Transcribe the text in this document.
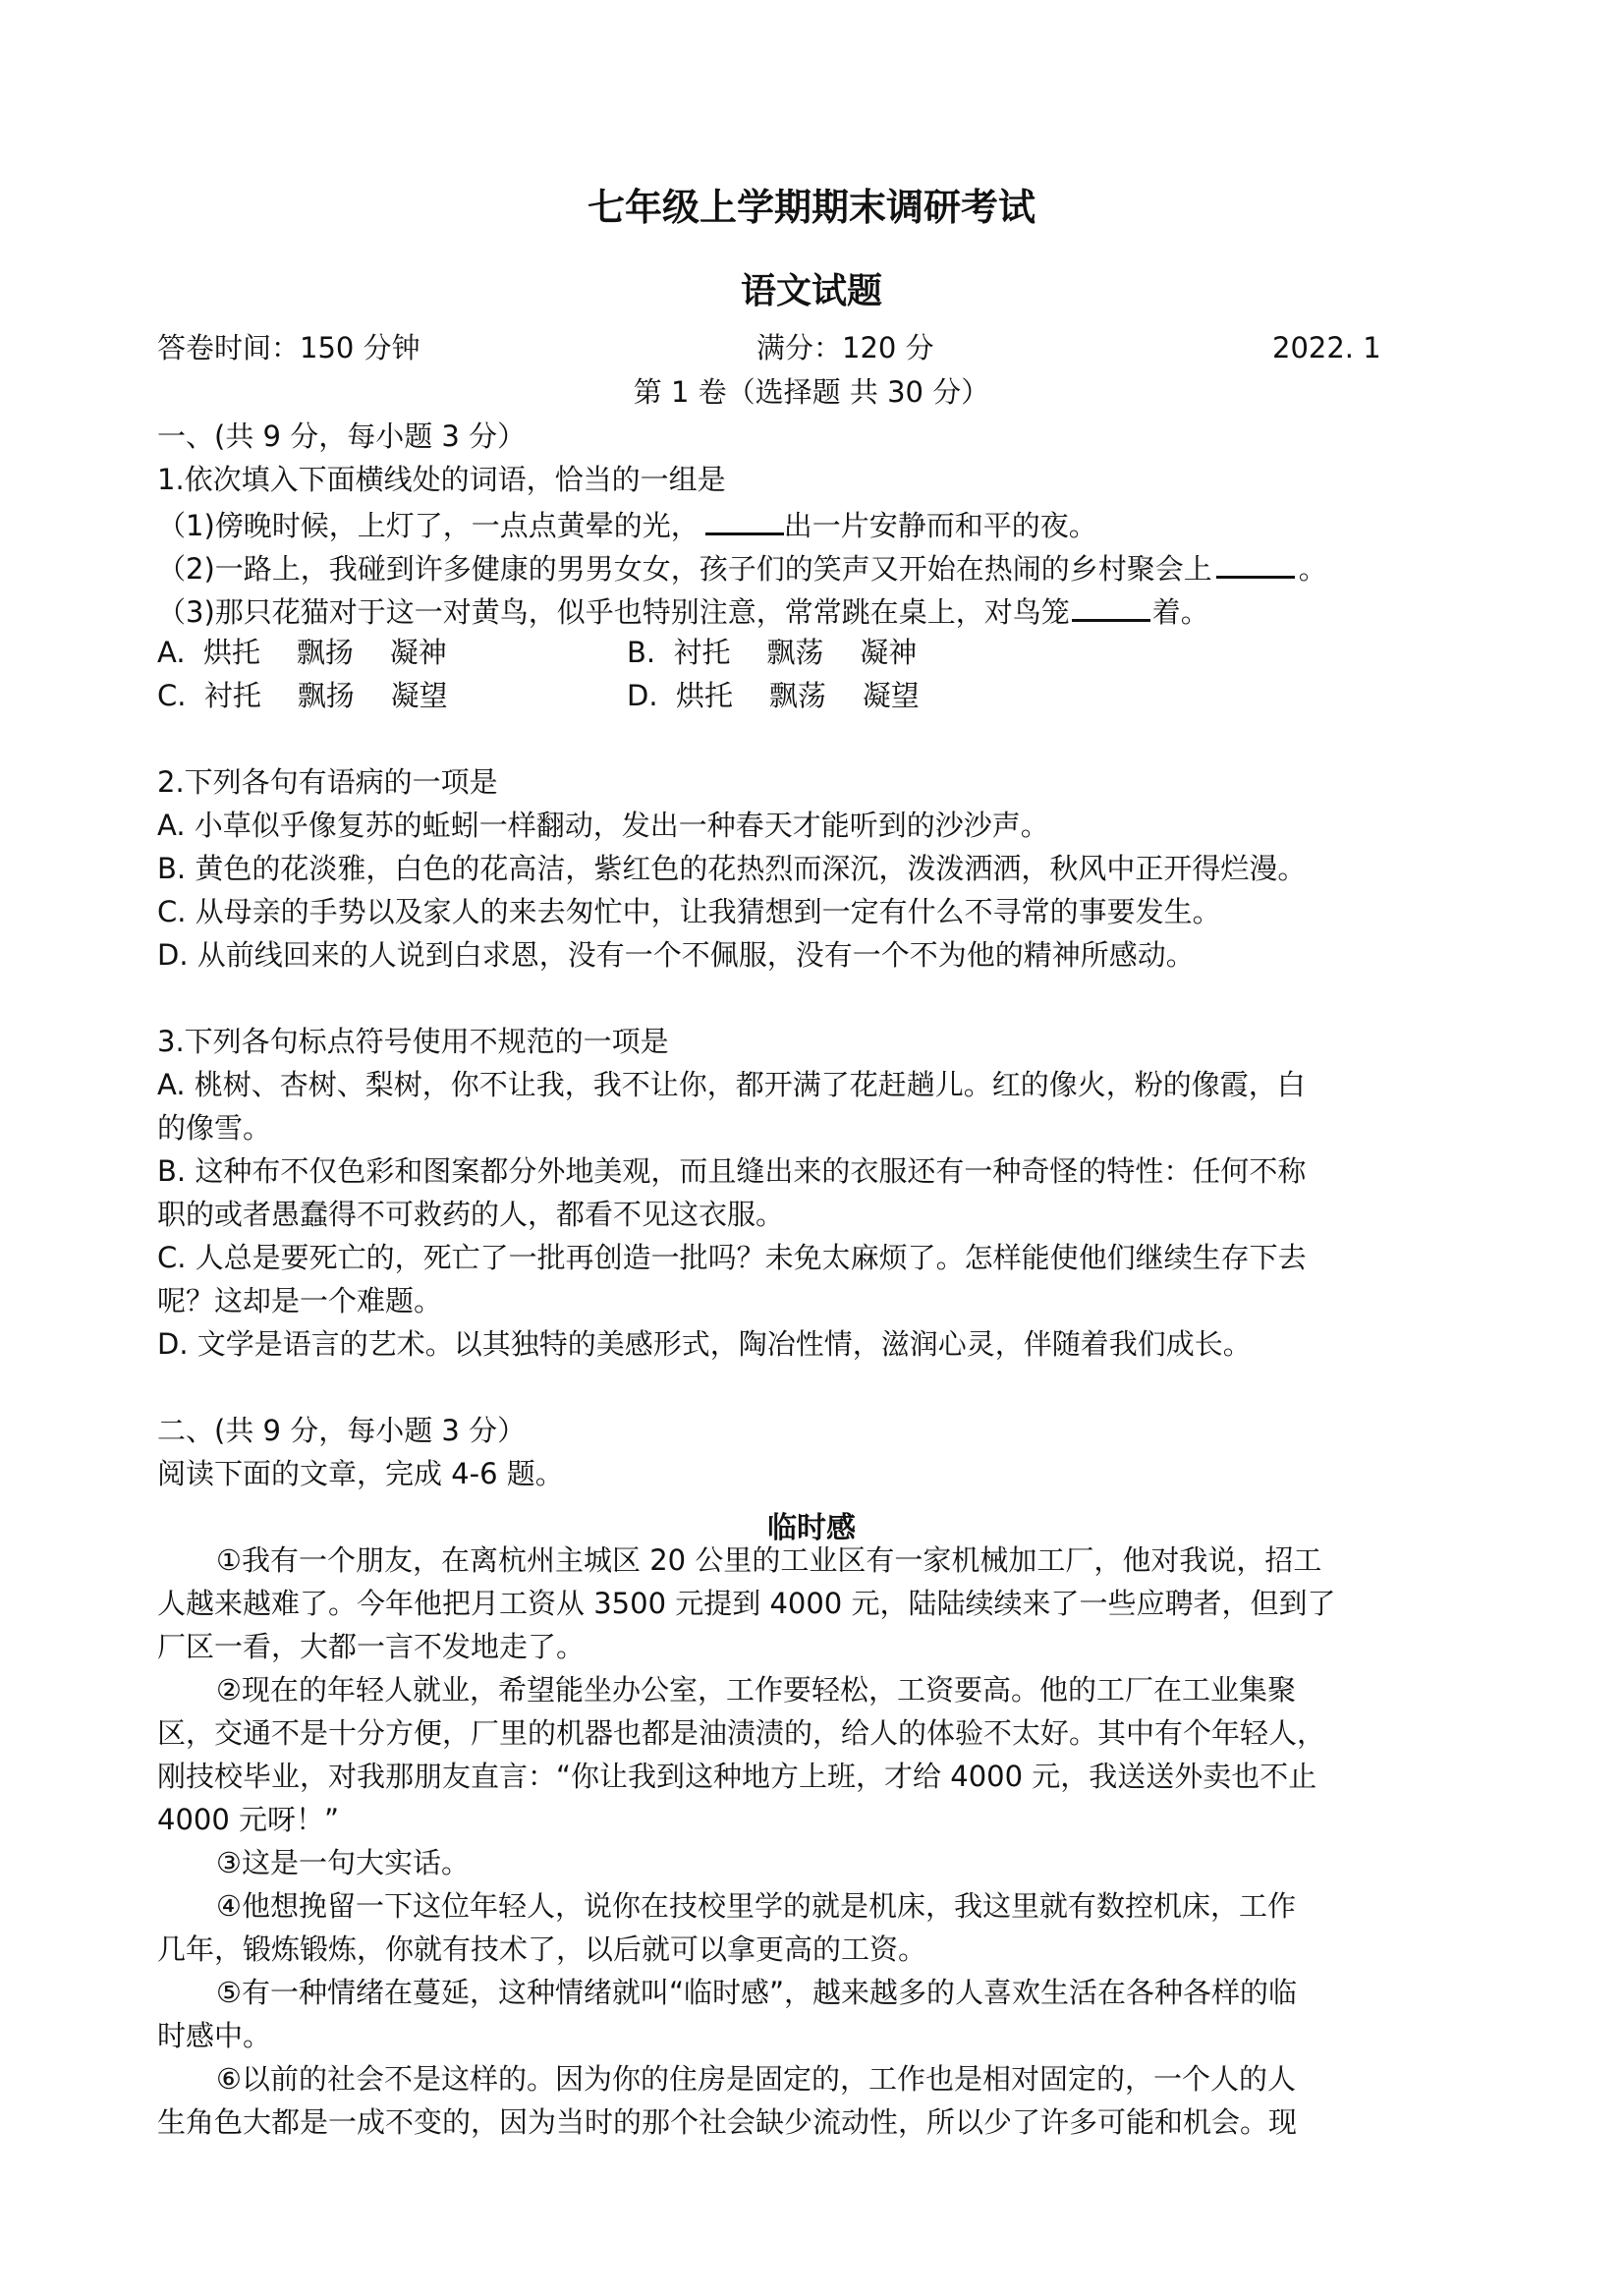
七年级上学期期末调研考试
语文试题
答卷时间：150 分钟	满分：120 分	2022. 1
第 1 卷（选择题 共 30 分）
一、(共 9 分，每小题 3 分）
1.依次填入下面横线处的词语，恰当的一组是
（1)傍晚时候，上灯了，一点点黄晕的光，	出一片安静而和平的夜。
（2)一路上，我碰到许多健康的男男女女，孩子们的笑声又开始在热闹的乡村聚会上	。
（3)那只花猫对于这一对黄鸟，似乎也特别注意，常常跳在桌上，对鸟笼	着。
A.  烘托    飘扬    凝神	B.  衬托    飘荡    凝神
C.  衬托    飘扬    凝望	D.  烘托    飘荡    凝望
2.下列各句有语病的一项是
A. 小草似乎像复苏的蚯蚓一样翻动，发出一种春天才能听到的沙沙声。
B. 黄色的花淡雅，白色的花高洁，紫红色的花热烈而深沉，泼泼洒洒，秋风中正开得烂漫。
C. 从母亲的手势以及家人的来去匆忙中，让我猜想到一定有什么不寻常的事要发生。
D. 从前线回来的人说到白求恩，没有一个不佩服，没有一个不为他的精神所感动。
3.下列各句标点符号使用不规范的一项是
A. 桃树、杏树、梨树，你不让我，我不让你，都开满了花赶趟儿。红的像火，粉的像霞，白
的像雪。
B. 这种布不仅色彩和图案都分外地美观，而且缝出来的衣服还有一种奇怪的特性：任何不称
职的或者愚蠢得不可救药的人，都看不见这衣服。
C. 人总是要死亡的，死亡了一批再创造一批吗？未免太麻烦了。怎样能使他们继续生存下去
呢？这却是一个难题。
D. 文学是语言的艺术。以其独特的美感形式，陶冶性情，滋润心灵，伴随着我们成长。
二、(共 9 分，每小题 3 分）
阅读下面的文章，完成 4-6 题。
临时感
①我有一个朋友，在离杭州主城区 20 公里的工业区有一家机械加工厂，他对我说，招工
人越来越难了。今年他把月工资从 3500 元提到 4000 元，陆陆续续来了一些应聘者，但到了
厂区一看，大都一言不发地走了。
②现在的年轻人就业，希望能坐办公室，工作要轻松，工资要高。他的工厂在工业集聚
区，交通不是十分方便，厂里的机器也都是油渍渍的，给人的体验不太好。其中有个年轻人，
刚技校毕业，对我那朋友直言：“你让我到这种地方上班，才给 4000 元，我送送外卖也不止
4000 元呀！”
③这是一句大实话。
④他想挽留一下这位年轻人，说你在技校里学的就是机床，我这里就有数控机床，工作
几年，锻炼锻炼，你就有技术了，以后就可以拿更高的工资。
⑤有一种情绪在蔓延，这种情绪就叫“临时感”，越来越多的人喜欢生活在各种各样的临
时感中。
⑥以前的社会不是这样的。因为你的住房是固定的，工作也是相对固定的，一个人的人
生角色大都是一成不变的，因为当时的那个社会缺少流动性，所以少了许多可能和机会。现
